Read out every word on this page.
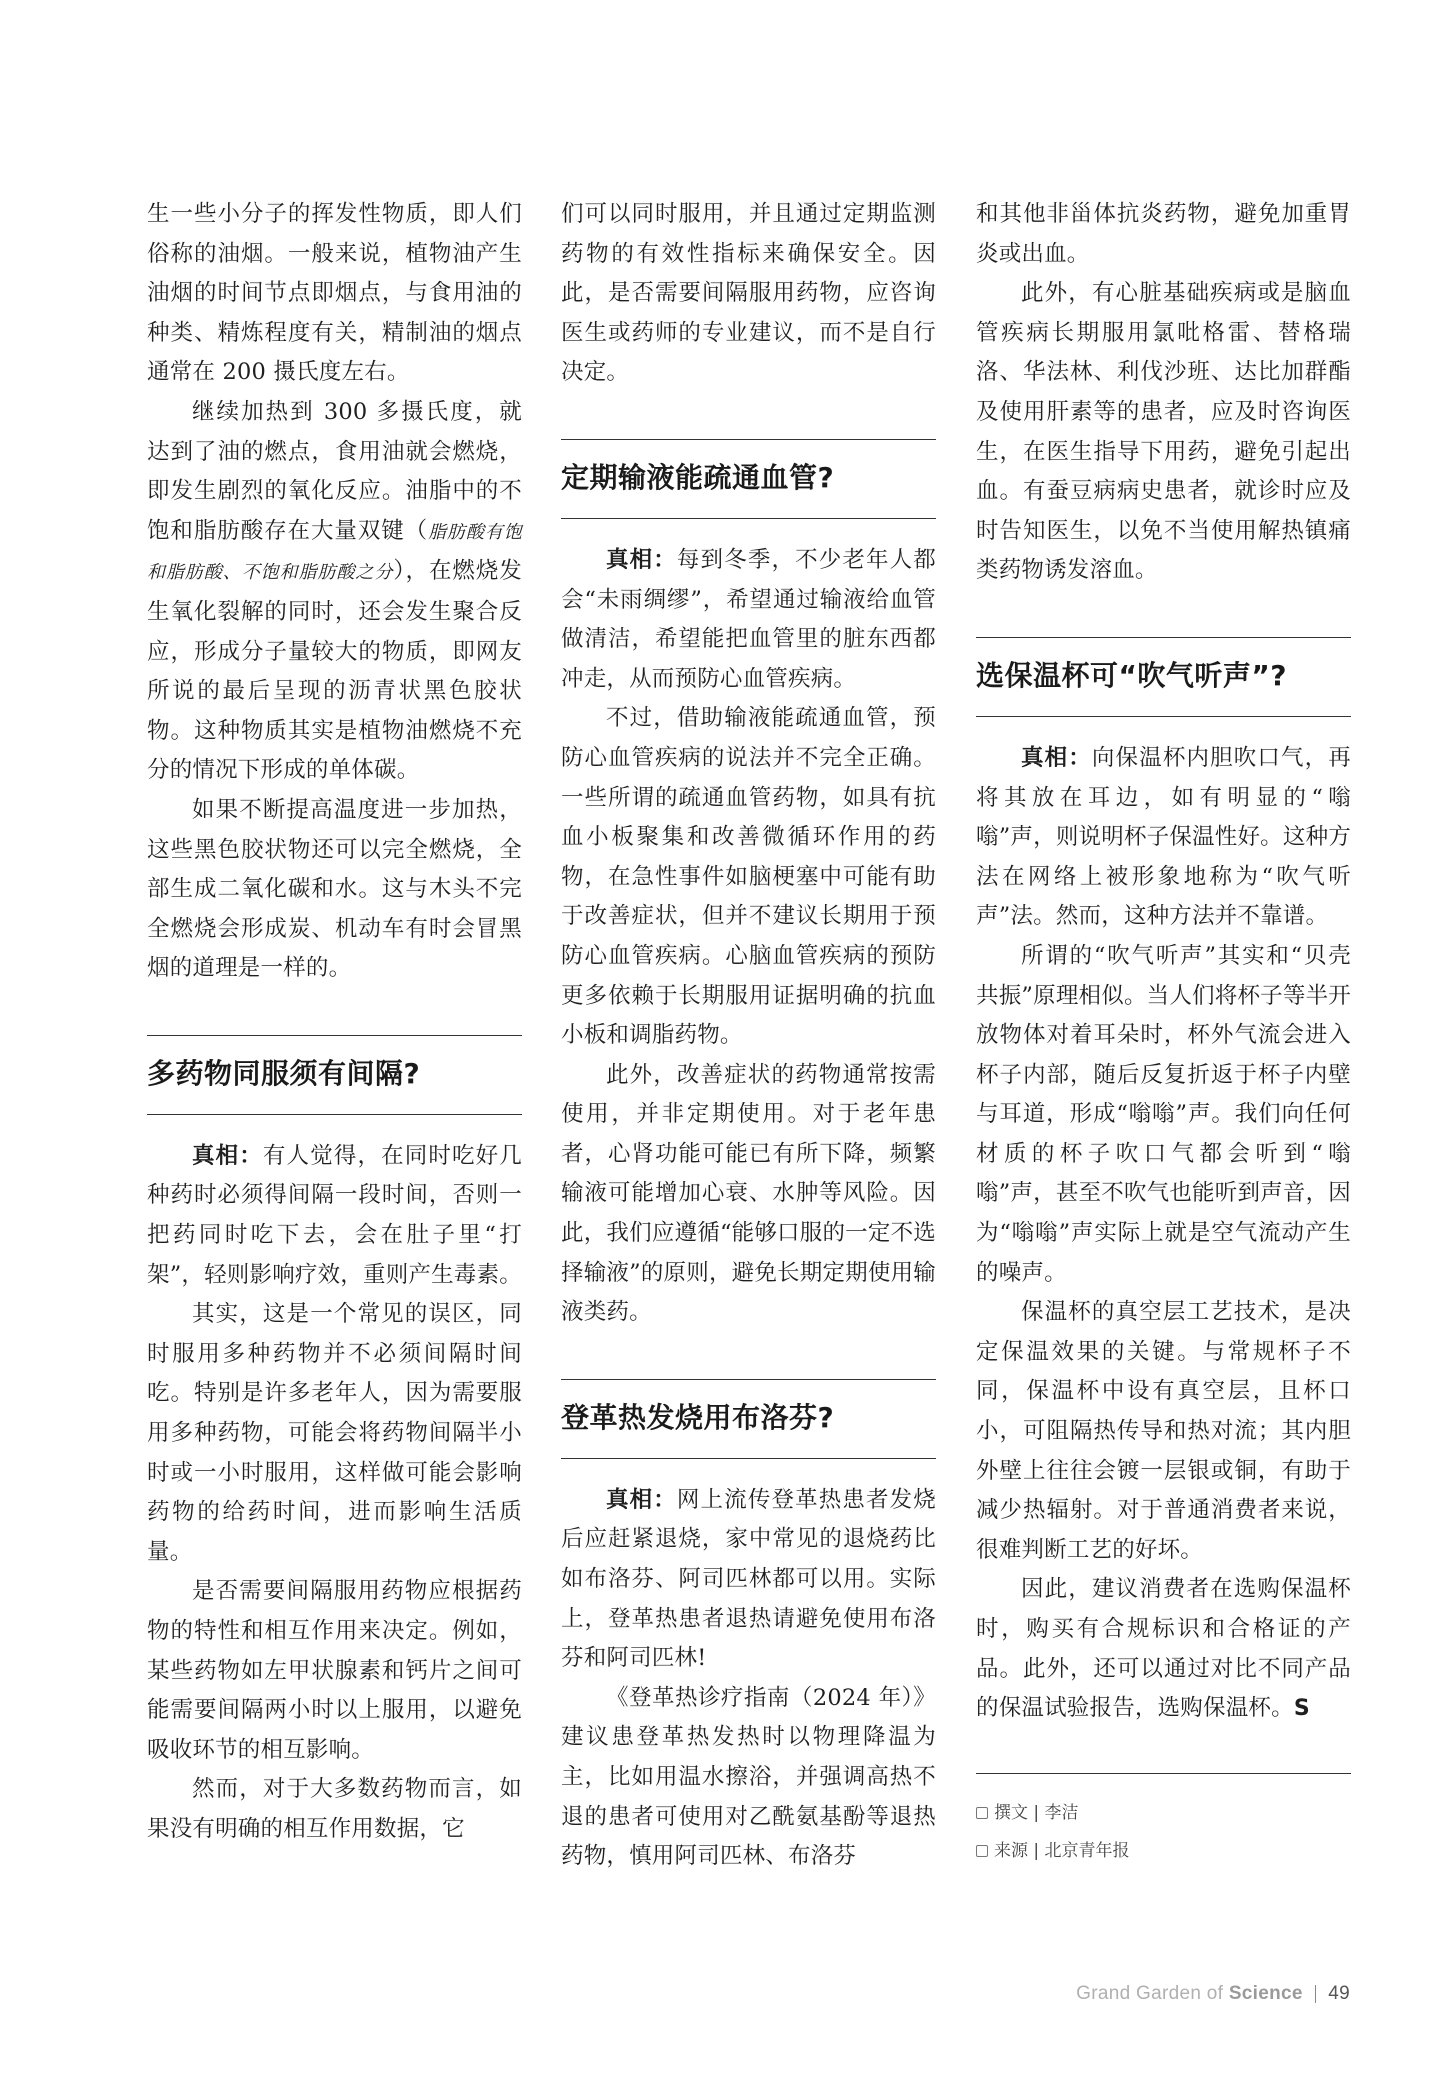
生一些小分子的挥发性物质，即人们俗称的油烟。一般来说，植物油产生油烟的时间节点即烟点，与食用油的种类、精炼程度有关，精制油的烟点通常在 200 摄氏度左右。

继续加热到 300 多摄氏度，就达到了油的燃点，食用油就会燃烧，即发生剧烈的氧化反应。油脂中的不饱和脂肪酸存在大量双键（脂肪酸有饱和脂肪酸、不饱和脂肪酸之分），在燃烧发生氧化裂解的同时，还会发生聚合反应，形成分子量较大的物质，即网友所说的最后呈现的沥青状黑色胶状物。这种物质其实是植物油燃烧不充分的情况下形成的单体碳。

如果不断提高温度进一步加热，这些黑色胶状物还可以完全燃烧，全部生成二氧化碳和水。这与木头不完全燃烧会形成炭、机动车有时会冒黑烟的道理是一样的。

多药物同服须有间隔?

真相：有人觉得，在同时吃好几种药时必须得间隔一段时间，否则一把药同时吃下去，会在肚子里“打架”，轻则影响疗效，重则产生毒素。

其实，这是一个常见的误区，同时服用多种药物并不必须间隔时间吃。特别是许多老年人，因为需要服用多种药物，可能会将药物间隔半小时或一小时服用，这样做可能会影响药物的给药时间，进而影响生活质量。

是否需要间隔服用药物应根据药物的特性和相互作用来决定。例如，某些药物如左甲状腺素和钙片之间可能需要间隔两小时以上服用，以避免吸收环节的相互影响。

然而，对于大多数药物而言，如果没有明确的相互作用数据，它

们可以同时服用，并且通过定期监测药物的有效性指标来确保安全。因此，是否需要间隔服用药物，应咨询医生或药师的专业建议，而不是自行决定。

定期输液能疏通血管?

真相：每到冬季，不少老年人都会“未雨绸缪”，希望通过输液给血管做清洁，希望能把血管里的脏东西都冲走，从而预防心血管疾病。

不过，借助输液能疏通血管，预防心血管疾病的说法并不完全正确。一些所谓的疏通血管药物，如具有抗血小板聚集和改善微循环作用的药物，在急性事件如脑梗塞中可能有助于改善症状，但并不建议长期用于预防心血管疾病。心脑血管疾病的预防更多依赖于长期服用证据明确的抗血小板和调脂药物。

此外，改善症状的药物通常按需使用，并非定期使用。对于老年患者，心肾功能可能已有所下降，频繁输液可能增加心衰、水肿等风险。因此，我们应遵循“能够口服的一定不选择输液”的原则，避免长期定期使用输液类药。

登革热发烧用布洛芬?

真相：网上流传登革热患者发烧后应赶紧退烧，家中常见的退烧药比如布洛芬、阿司匹林都可以用。实际上，登革热患者退热请避免使用布洛芬和阿司匹林!

《登革热诊疗指南（2024 年）》建议患登革热发热时以物理降温为主，比如用温水擦浴，并强调高热不退的患者可使用对乙酰氨基酚等退热药物，慎用阿司匹林、布洛芬

和其他非甾体抗炎药物，避免加重胃炎或出血。

此外，有心脏基础疾病或是脑血管疾病长期服用氯吡格雷、替格瑞洛、华法林、利伐沙班、达比加群酯及使用肝素等的患者，应及时咨询医生，在医生指导下用药，避免引起出血。有蚕豆病病史患者，就诊时应及时告知医生，以免不当使用解热镇痛类药物诱发溶血。

选保温杯可“吹气听声”?

真相：向保温杯内胆吹口气，再将其放在耳边，如有明显的“嗡嗡”声，则说明杯子保温性好。这种方法在网络上被形象地称为“吹气听声”法。然而，这种方法并不靠谱。

所谓的“吹气听声”其实和“贝壳共振”原理相似。当人们将杯子等半开放物体对着耳朵时，杯外气流会进入杯子内部，随后反复折返于杯子内壁与耳道，形成“嗡嗡”声。我们向任何材质的杯子吹口气都会听到“嗡嗡”声，甚至不吹气也能听到声音，因为“嗡嗡”声实际上就是空气流动产生的噪声。

保温杯的真空层工艺技术，是决定保温效果的关键。与常规杯子不同，保温杯中设有真空层，且杯口小，可阻隔热传导和热对流；其内胆外壁上往往会镀一层银或铜，有助于减少热辐射。对于普通消费者来说，很难判断工艺的好坏。

因此，建议消费者在选购保温杯时，购买有合规标识和合格证的产品。此外，还可以通过对比不同产品的保温试验报告，选购保温杯。S

撰文 | 李洁
来源 | 北京青年报
Grand Garden of Science 49
